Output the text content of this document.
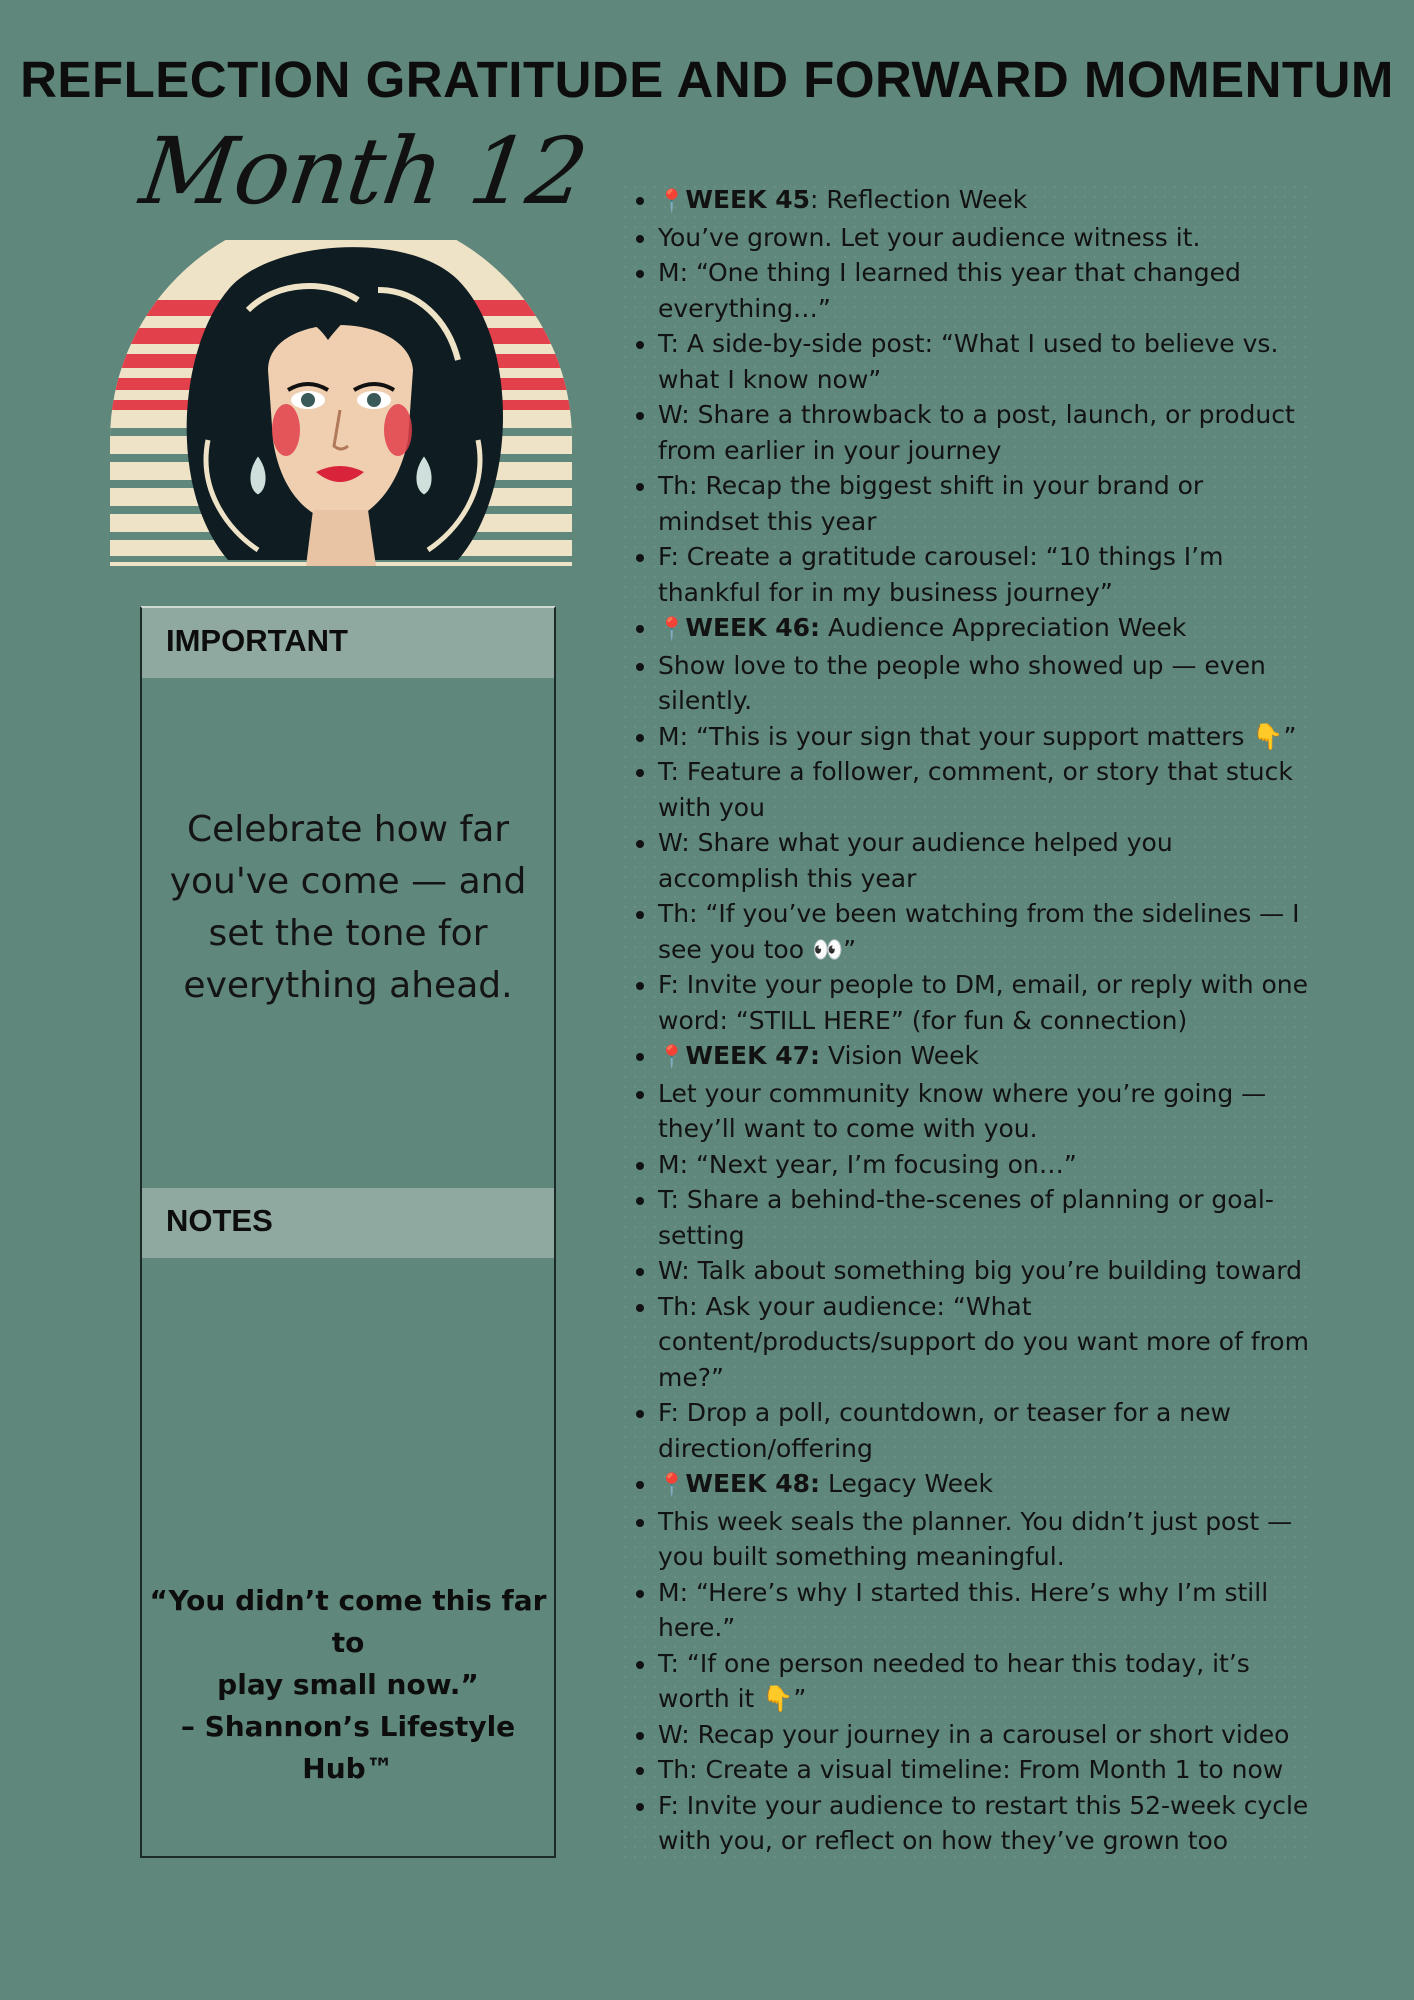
REFLECTION GRATITUDE AND FORWARD MOMENTUM
Month 12
IMPORTANT
Celebrate how far you've come — and set the tone for everything ahead.
NOTES
“You didn’t come this far to
play small now.”
– Shannon’s Lifestyle Hub™
• 📍WEEK 45: Reflection Week
• You’ve grown. Let your audience witness it.
• M: “One thing I learned this year that changed everything…”
• T: A side-by-side post: “What I used to believe vs. what I know now”
• W: Share a throwback to a post, launch, or product from earlier in your journey
• Th: Recap the biggest shift in your brand or mindset this year
• F: Create a gratitude carousel: “10 things I’m thankful for in my business journey”
• 📍WEEK 46: Audience Appreciation Week
• Show love to the people who showed up — even silently.
• M: “This is your sign that your support matters 👇”
• T: Feature a follower, comment, or story that stuck with you
• W: Share what your audience helped you accomplish this year
• Th: “If you’ve been watching from the sidelines — I see you too 👀”
• F: Invite your people to DM, email, or reply with one word: “STILL HERE” (for fun & connection)
• 📍WEEK 47: Vision Week
• Let your community know where you’re going — they’ll want to come with you.
• M: “Next year, I’m focusing on…”
• T: Share a behind-the-scenes of planning or goal-setting
• W: Talk about something big you’re building toward
• Th: Ask your audience: “What content/products/support do you want more of from me?”
• F: Drop a poll, countdown, or teaser for a new direction/offering
• 📍WEEK 48: Legacy Week
• This week seals the planner. You didn’t just post — you built something meaningful.
• M: “Here’s why I started this. Here’s why I’m still here.”
• T: “If one person needed to hear this today, it’s worth it 👇”
• W: Recap your journey in a carousel or short video
• Th: Create a visual timeline: From Month 1 to now
• F: Invite your audience to restart this 52-week cycle with you, or reflect on how they’ve grown too
